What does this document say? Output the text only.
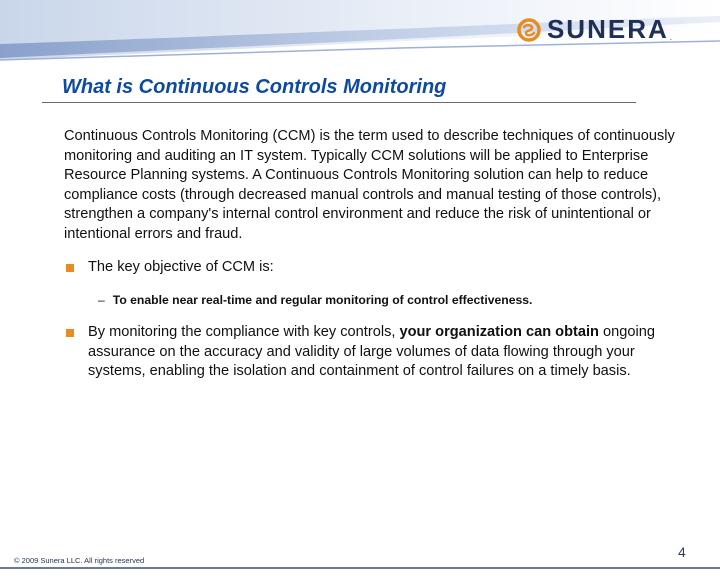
SUNERA .
What is Continuous Controls Monitoring

Continuous Controls Monitoring (CCM) is the term used to describe techniques of continuously monitoring and auditing an IT system. Typically CCM solutions will be applied to Enterprise Resource Planning systems. A Continuous Controls Monitoring solution can help to reduce compliance costs (through decreased manual controls and manual testing of those controls), strengthen a company's internal control environment and reduce the risk of unintentional or intentional errors and fraud.

The key objective of CCM is:
– To enable near real-time and regular monitoring of control effectiveness.
By monitoring the compliance with key controls, your organization can obtain ongoing assurance on the accuracy and validity of large volumes of data flowing through your systems, enabling the isolation and containment of control failures on a timely basis.
© 2009 Sunera LLC. All rights reserved
4
